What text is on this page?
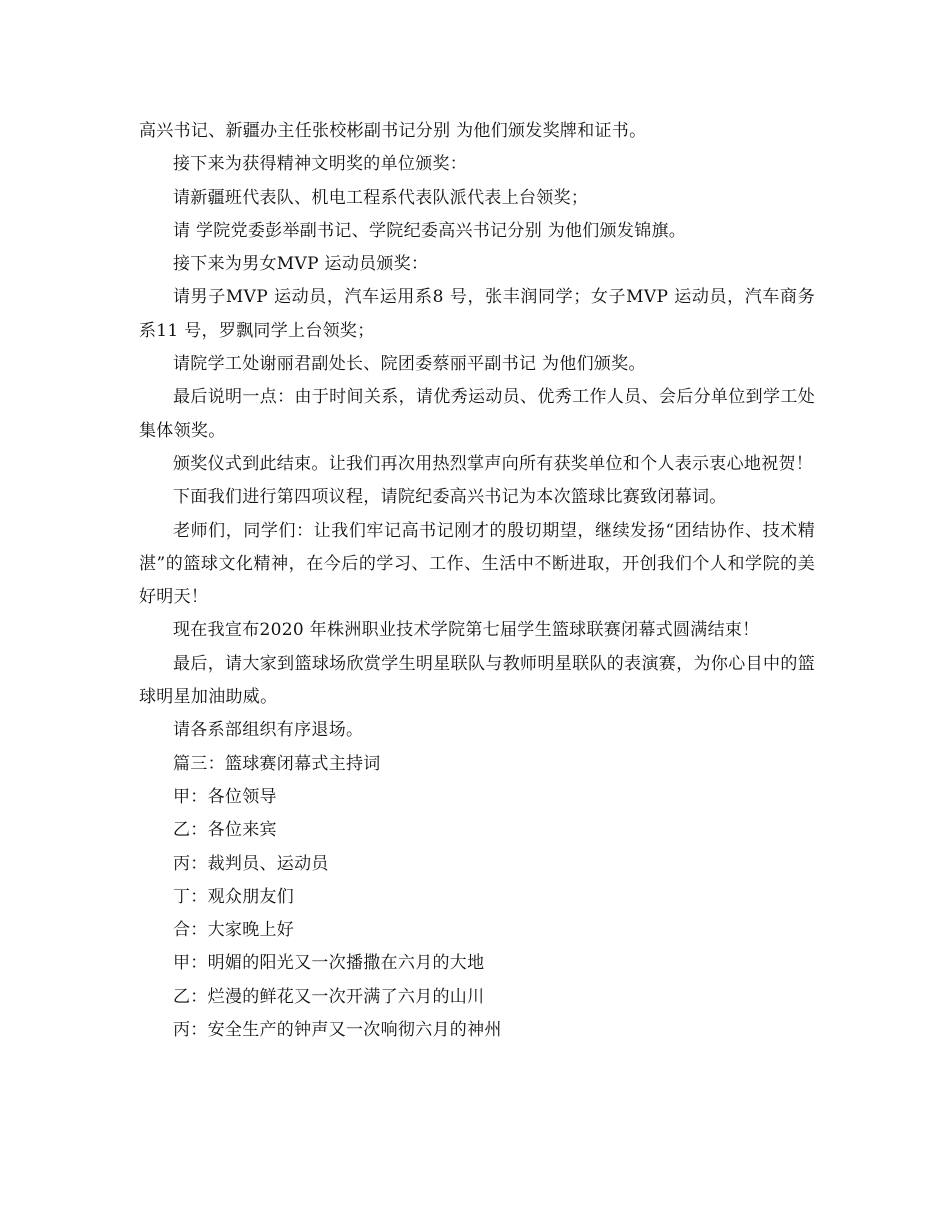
高兴书记、新疆办主任张校彬副书记分别 为他们颁发奖牌和证书。

接下来为获得精神文明奖的单位颁奖：

请新疆班代表队、机电工程系代表队派代表上台领奖；

请 学院党委彭举副书记、学院纪委高兴书记分别 为他们颁发锦旗。

接下来为男女MVP 运动员颁奖：

请男子MVP 运动员，汽车运用系8 号，张丰润同学；女子MVP 运动员，汽车商务系11 号，罗飘同学上台领奖；

请院学工处谢丽君副处长、院团委蔡丽平副书记 为他们颁奖。

最后说明一点：由于时间关系，请优秀运动员、优秀工作人员、会后分单位到学工处集体领奖。

颁奖仪式到此结束。让我们再次用热烈掌声向所有获奖单位和个人表示衷心地祝贺！

下面我们进行第四项议程，请院纪委高兴书记为本次篮球比赛致闭幕词。

老师们，同学们：让我们牢记高书记刚才的殷切期望，继续发扬“团结协作、技术精湛”的篮球文化精神，在今后的学习、工作、生活中不断进取，开创我们个人和学院的美好明天！

现在我宣布2020 年株洲职业技术学院第七届学生篮球联赛闭幕式圆满结束！

最后，请大家到篮球场欣赏学生明星联队与教师明星联队的表演赛，为你心目中的篮球明星加油助威。

请各系部组织有序退场。

篇三：篮球赛闭幕式主持词

甲：各位领导

乙：各位来宾

丙：裁判员、运动员

丁：观众朋友们

合：大家晚上好

甲：明媚的阳光又一次播撒在六月的大地

乙：烂漫的鲜花又一次开满了六月的山川

丙：安全生产的钟声又一次响彻六月的神州
